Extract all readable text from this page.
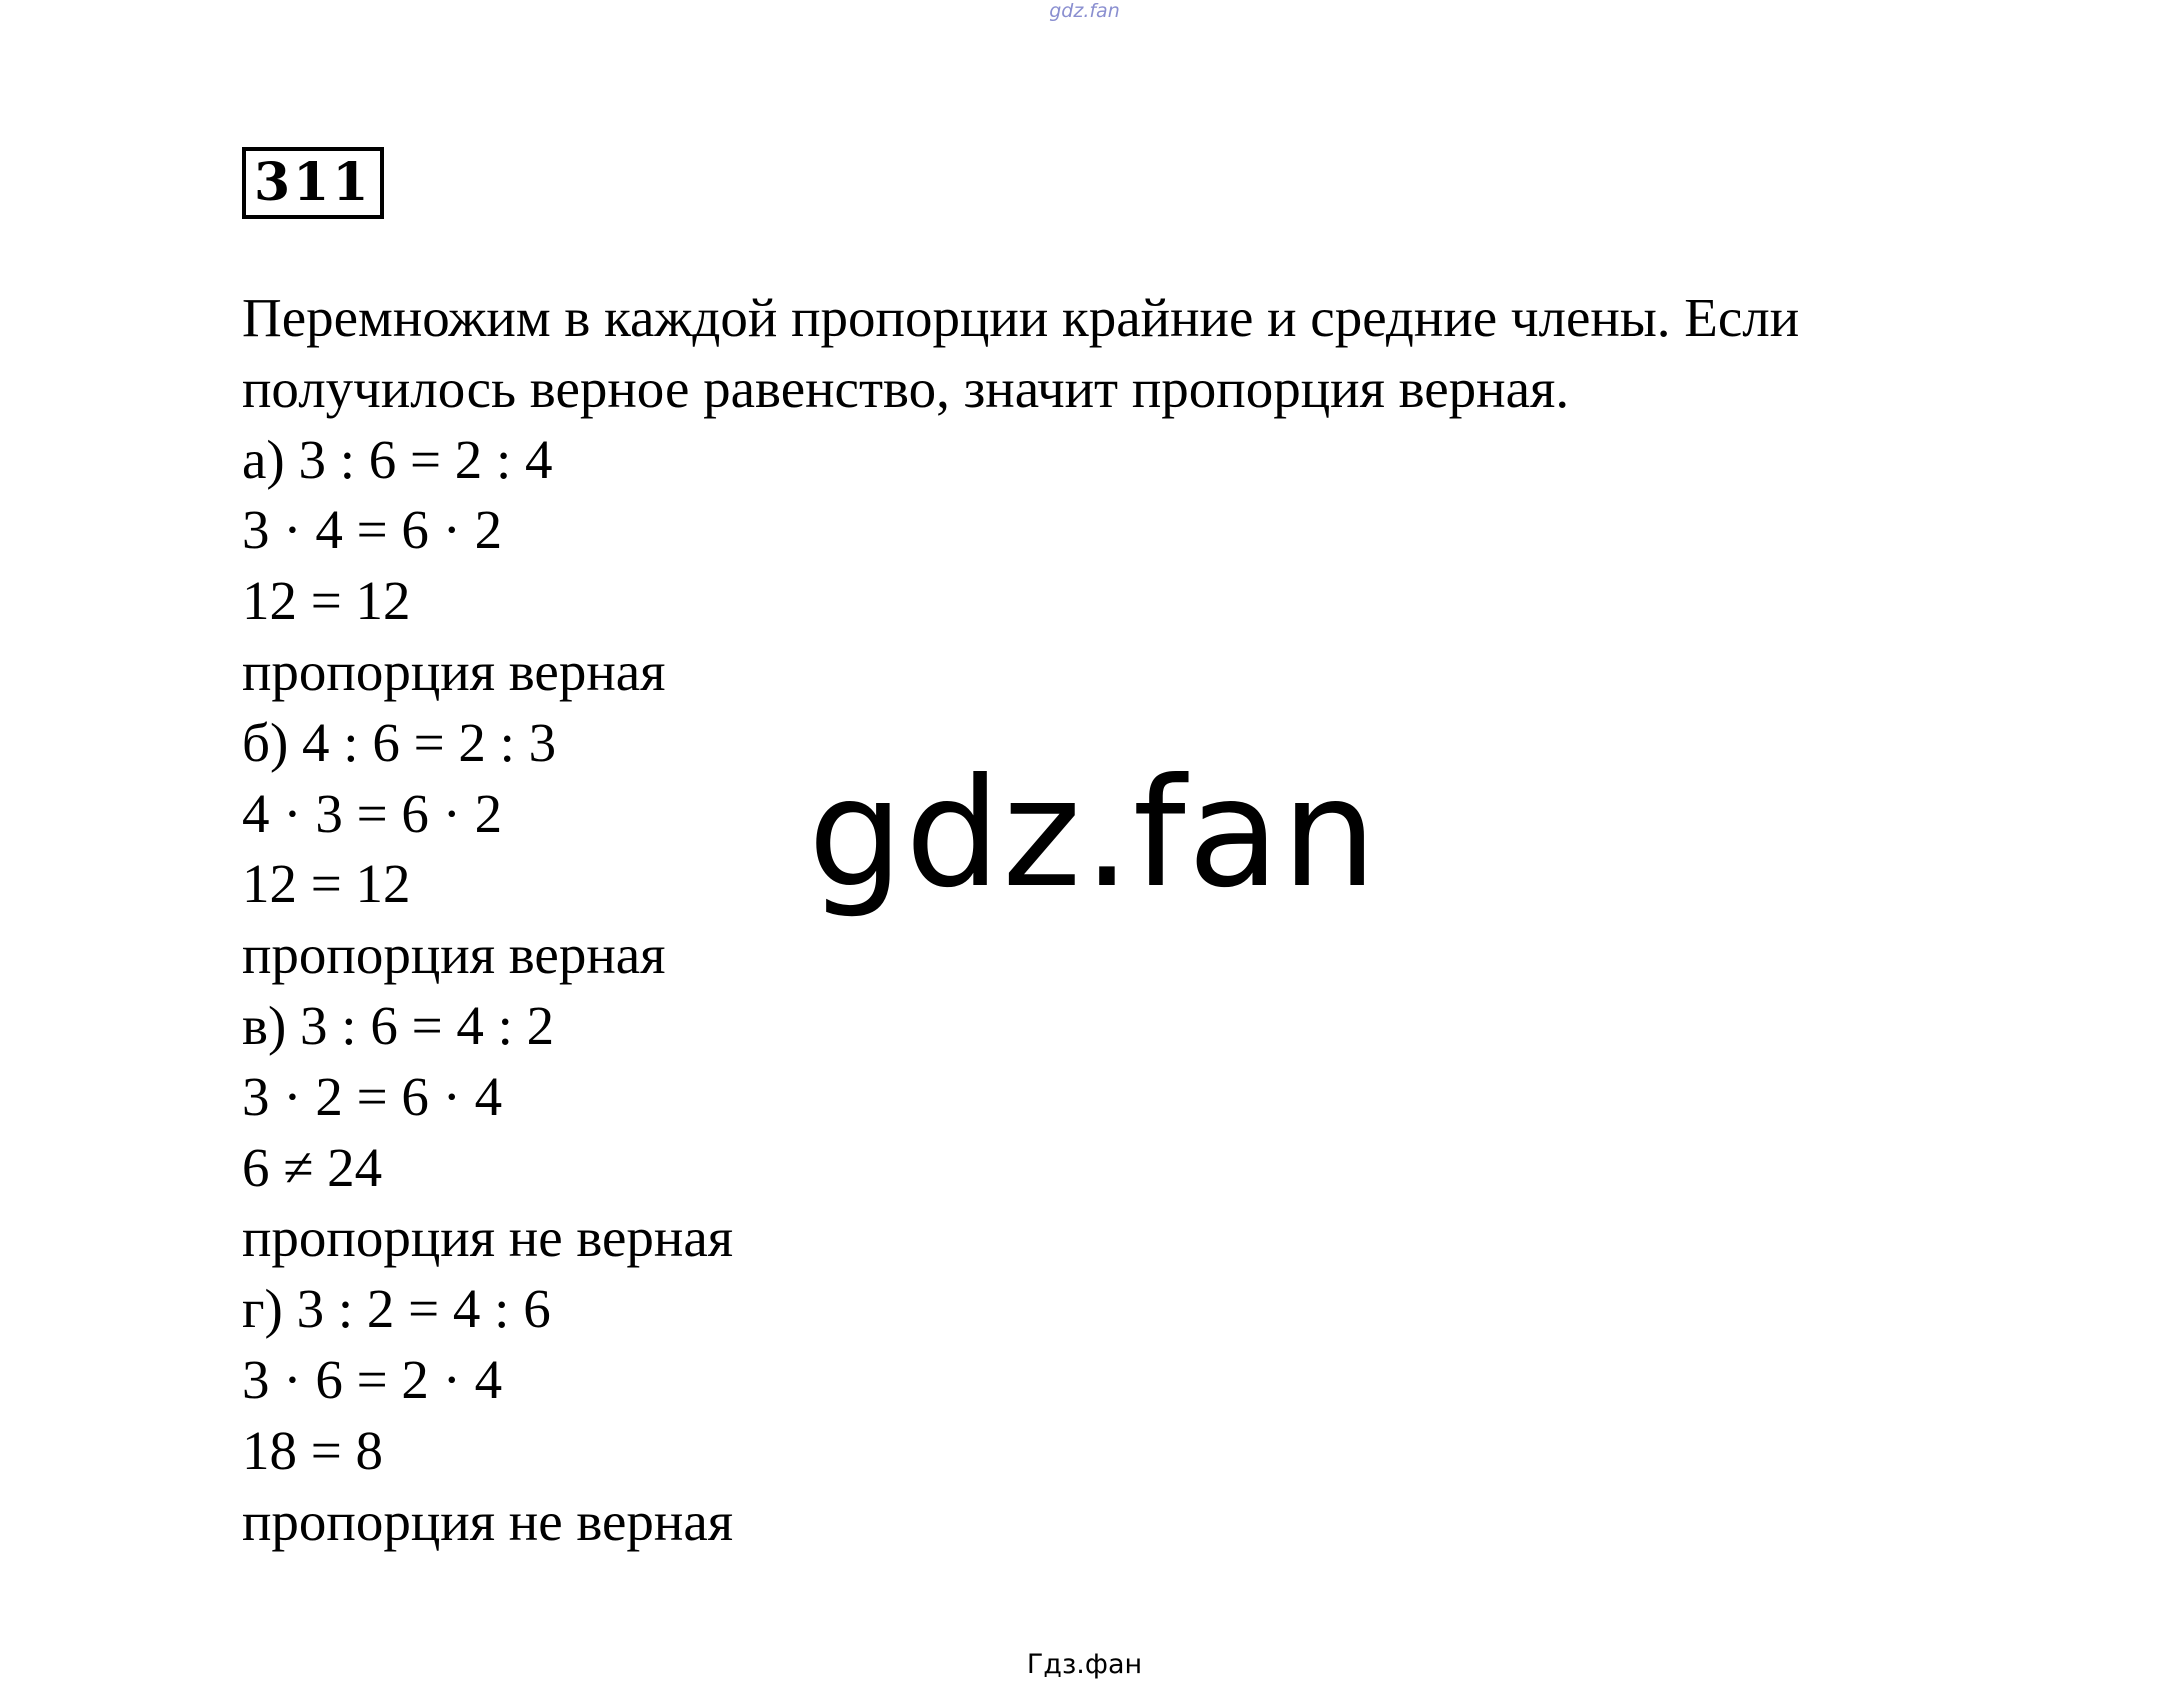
gdz.fan
311
Перемножим в каждой пропорции крайние и средние члены. Если
получилось верное равенство, значит пропорция верная.
а) 3 : 6 = 2 : 4
3 · 4 = 6 · 2
12 = 12
пропорция верная
б) 4 : 6 = 2 : 3
4 · 3 = 6 · 2
12 = 12
пропорция верная
в) 3 : 6 = 4 : 2
3 · 2 = 6 · 4
6 ≠ 24
пропорция не верная
г) 3 : 2 = 4 : 6
3 · 6 = 2 · 4
18 = 8
пропорция не верная
gdz.fan
Гдз.фан
